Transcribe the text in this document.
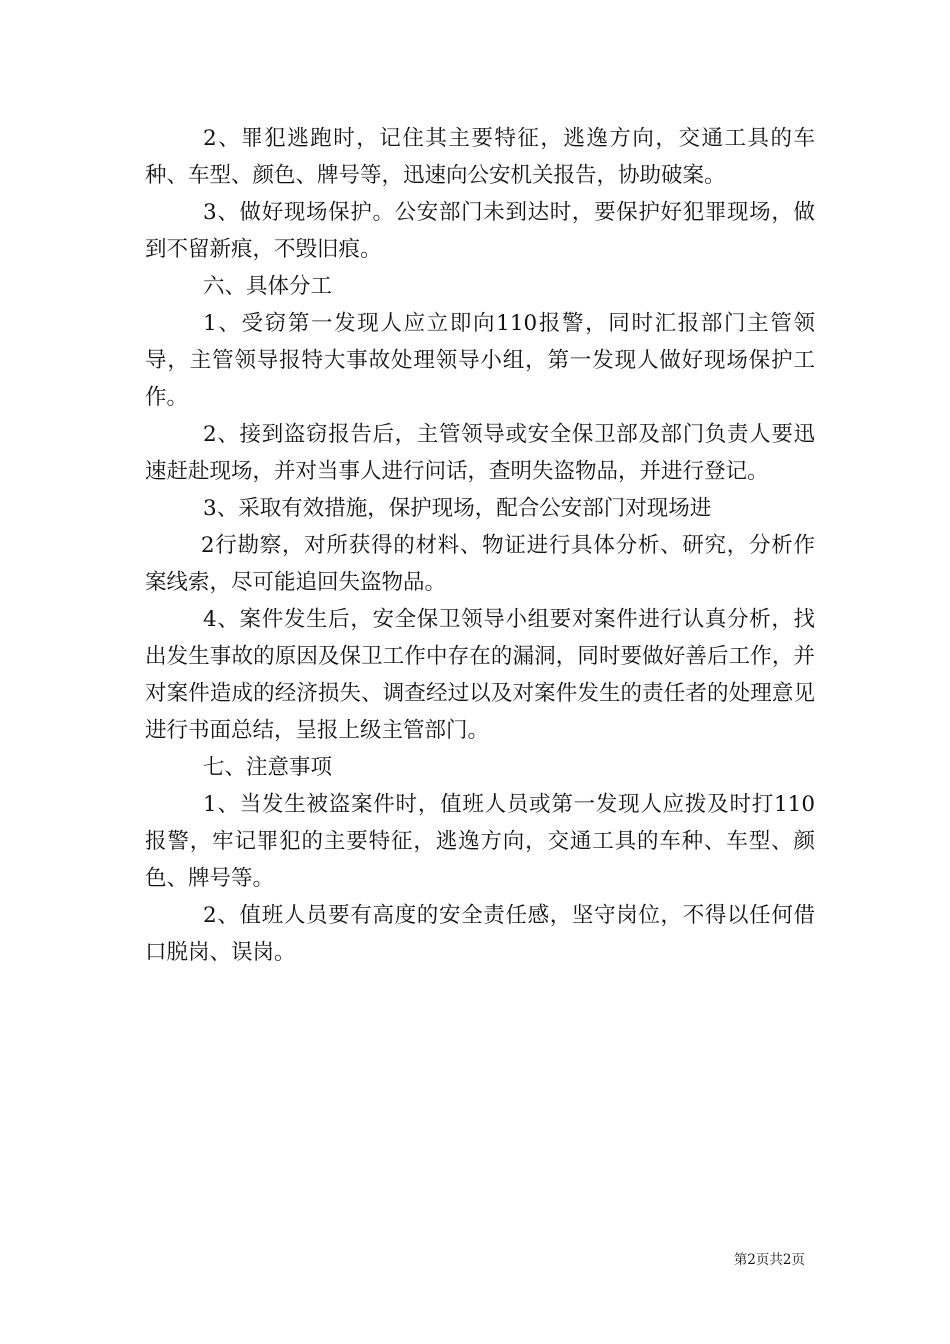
2、罪犯逃跑时，记住其主要特征，逃逸方向，交通工具的车种、车型、颜色、牌号等，迅速向公安机关报告，协助破案。

3、做好现场保护。公安部门未到达时，要保护好犯罪现场，做到不留新痕，不毁旧痕。

六、具体分工

1、受窃第一发现人应立即向110报警，同时汇报部门主管领导，主管领导报特大事故处理领导小组，第一发现人做好现场保护工作。

2、接到盗窃报告后，主管领导或安全保卫部及部门负责人要迅速赶赴现场，并对当事人进行问话，查明失盗物品，并进行登记。

3、采取有效措施，保护现场，配合公安部门对现场进

2行勘察，对所获得的材料、物证进行具体分析、研究，分析作案线索，尽可能追回失盗物品。

4、案件发生后，安全保卫领导小组要对案件进行认真分析，找出发生事故的原因及保卫工作中存在的漏洞，同时要做好善后工作，并对案件造成的经济损失、调查经过以及对案件发生的责任者的处理意见进行书面总结，呈报上级主管部门。

七、注意事项

1、当发生被盗案件时，值班人员或第一发现人应拨及时打110报警，牢记罪犯的主要特征，逃逸方向，交通工具的车种、车型、颜色、牌号等。

2、值班人员要有高度的安全责任感，坚守岗位，不得以任何借口脱岗、误岗。

第2页共2页
